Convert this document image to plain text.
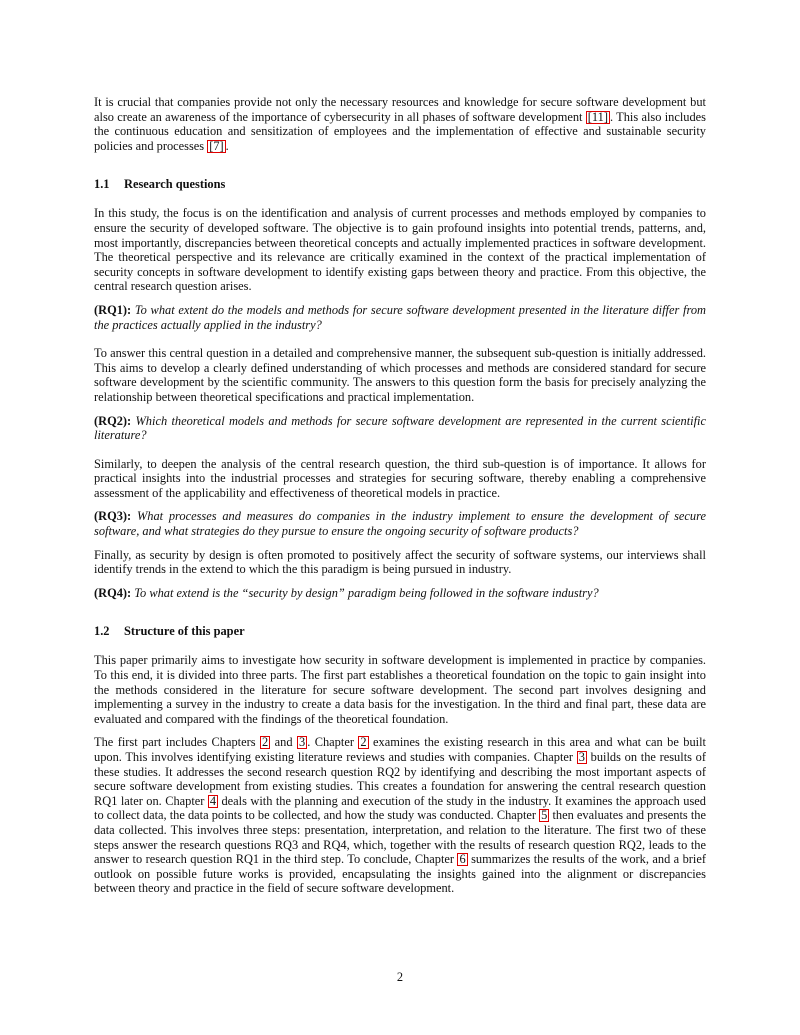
It is crucial that companies provide not only the necessary resources and knowledge for secure software development but also create an awareness of the importance of cybersecurity in all phases of software development [11] . This also includes the continuous education and sensitization of employees and the implementation of effective and sustainable security policies and processes [7] .

1.1 Research questions

In this study, the focus is on the identification and analysis of current processes and methods employed by companies to ensure the security of developed software. The objective is to gain profound insights into potential trends, patterns, and, most importantly, discrepancies between theoretical concepts and actually implemented practices in software development. The theoretical perspective and its relevance are critically examined in the context of the practical implementation of security concepts in software development to identify existing gaps between theory and practice. From this objective, the central research question arises.

(RQ1): To what extent do the models and methods for secure software development presented in the literature differ from the practices actually applied in the industry?

To answer this central question in a detailed and comprehensive manner, the subsequent sub-question is initially addressed. This aims to develop a clearly defined understanding of which processes and methods are considered standard for secure software development by the scientific community. The answers to this question form the basis for precisely analyzing the relationship between theoretical specifications and practical implementation.

(RQ2): Which theoretical models and methods for secure software development are represented in the current scientific literature?

Similarly, to deepen the analysis of the central research question, the third sub-question is of importance. It allows for practical insights into the industrial processes and strategies for securing software, thereby enabling a comprehensive assessment of the applicability and effectiveness of theoretical models in practice.

(RQ3): What processes and measures do companies in the industry implement to ensure the development of secure software, and what strategies do they pursue to ensure the ongoing security of software products?

Finally, as security by design is often promoted to positively affect the security of software systems, our interviews shall identify trends in the extend to which the this paradigm is being pursued in industry.

(RQ4): To what extend is the “security by design” paradigm being followed in the software industry?

1.2 Structure of this paper

This paper primarily aims to investigate how security in software development is implemented in practice by companies. To this end, it is divided into three parts. The first part establishes a theoretical foundation on the topic to gain insight into the methods considered in the literature for secure software development. The second part involves designing and implementing a survey in the industry to create a data basis for the investigation. In the third and final part, these data are evaluated and compared with the findings of the theoretical foundation.

The first part includes Chapters 2 and 3 . Chapter 2 examines the existing research in this area and what can be built upon. This involves identifying existing literature reviews and studies with companies. Chapter 3 builds on the results of these studies. It addresses the second research question RQ2 by identifying and describing the most important aspects of secure software development from existing studies. This creates a foundation for answering the central research question RQ1 later on. Chapter 4 deals with the planning and execution of the study in the industry. It examines the approach used to collect data, the data points to be collected, and how the study was conducted. Chapter 5 then evaluates and presents the data collected. This involves three steps: presentation, interpretation, and relation to the literature. The first two of these steps answer the research questions RQ3 and RQ4, which, together with the results of research question RQ2, leads to the answer to research question RQ1 in the third step. To conclude, Chapter 6 summarizes the results of the work, and a brief outlook on possible future works is provided, encapsulating the insights gained into the alignment or discrepancies between theory and practice in the field of secure software development.

2
